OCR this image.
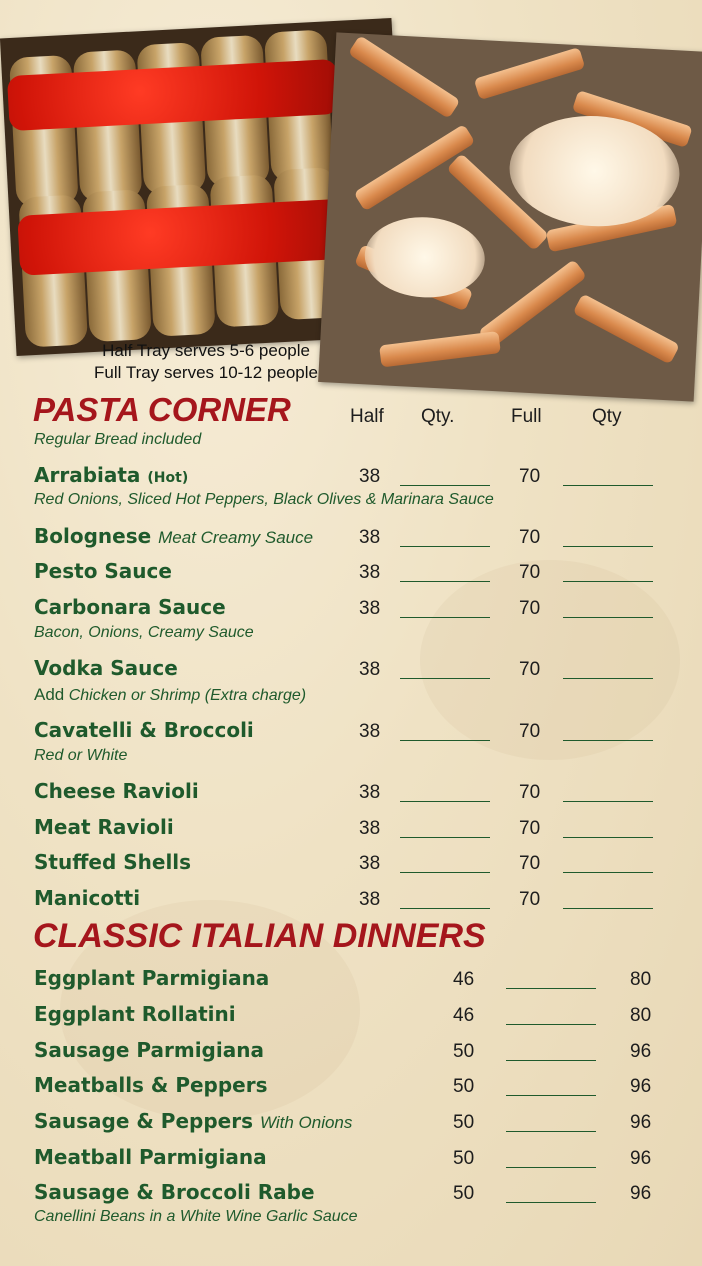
Half Tray serves 5-6 people
Full Tray serves 10-12 people
PASTA CORNER
Regular Bread included
Half Qty.	Full	Qty
Arrabiata (Hot)
Red Onions, Sliced Hot Peppers, Black Olives & Marinara Sauce
38	70
Bolognese Meat Creamy Sauce 38	70
Pesto Sauce	38	70
Carbonara Sauce
Bacon, Onions, Creamy Sauce
38	70
Vodka Sauce
Add Chicken or Shrimp (Extra charge)
38	70
Cavatelli & Broccoli
Red or White
38	70
Cheese Ravioli	38	70
Meat Ravioli	38	70
Stuffed Shells	38	70
Manicotti	38	70
CLASSIC ITALIAN DINNERS
Eggplant Parmigiana	46	80
Eggplant Rollatini	46	80
Sausage Parmigiana	50	96
Meatballs & Peppers	50	96
Sausage & Peppers With Onions	50	96
Meatball Parmigiana	50	96
Sausage & Broccoli Rabe
Canellini Beans in a White Wine Garlic Sauce
50	96
